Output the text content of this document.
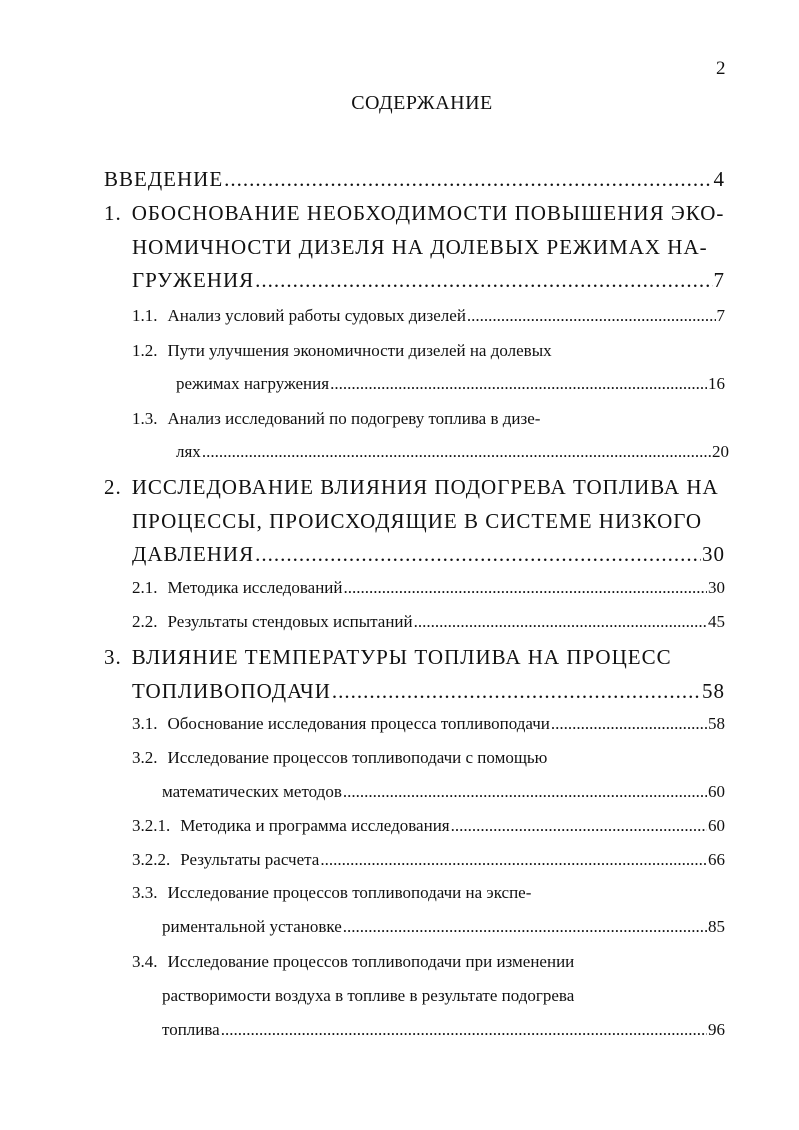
2
СОДЕРЖАНИЕ
ВВЕДЕНИЕ .....	4
1. ОБОСНОВАНИЕ НЕОБХОДИМОСТИ ПОВЫШЕНИЯ ЭКО-
НОМИЧНОСТИ ДИЗЕЛЯ НА ДОЛЕВЫХ РЕЖИМАХ НА-
ГРУЖЕНИЯ .....	7
1.1. Анализ условий работы судовых дизелей .....	7
1.2. Пути улучшения экономичности дизелей на долевых
режимах нагружения .....	16
1.3. Анализ исследований по подогреву топлива в дизе-
лях .....	20
2. ИССЛЕДОВАНИЕ ВЛИЯНИЯ ПОДОГРЕВА ТОПЛИВА НА
ПРОЦЕССЫ, ПРОИСХОДЯЩИЕ В СИСТЕМЕ НИЗКОГО
ДАВЛЕНИЯ .....	30
2.1. Методика исследований .....	30
2.2. Результаты стендовых испытаний .....	45
3. ВЛИЯНИЕ ТЕМПЕРАТУРЫ ТОПЛИВА НА ПРОЦЕСС
ТОПЛИВОПОДАЧИ .....	58
3.1. Обоснование исследования процесса топливоподачи .....	58
3.2. Исследование процессов топливоподачи с помощью
математических методов .....	60
3.2.1. Методика и программа исследования .....	60
3.2.2. Результаты расчета .....	66
3.3. Исследование процессов топливоподачи на экспе-
риментальной установке .....	85
3.4. Исследование процессов топливоподачи при изменении
растворимости воздуха в топливе в результате подогрева
топлива .....	96
